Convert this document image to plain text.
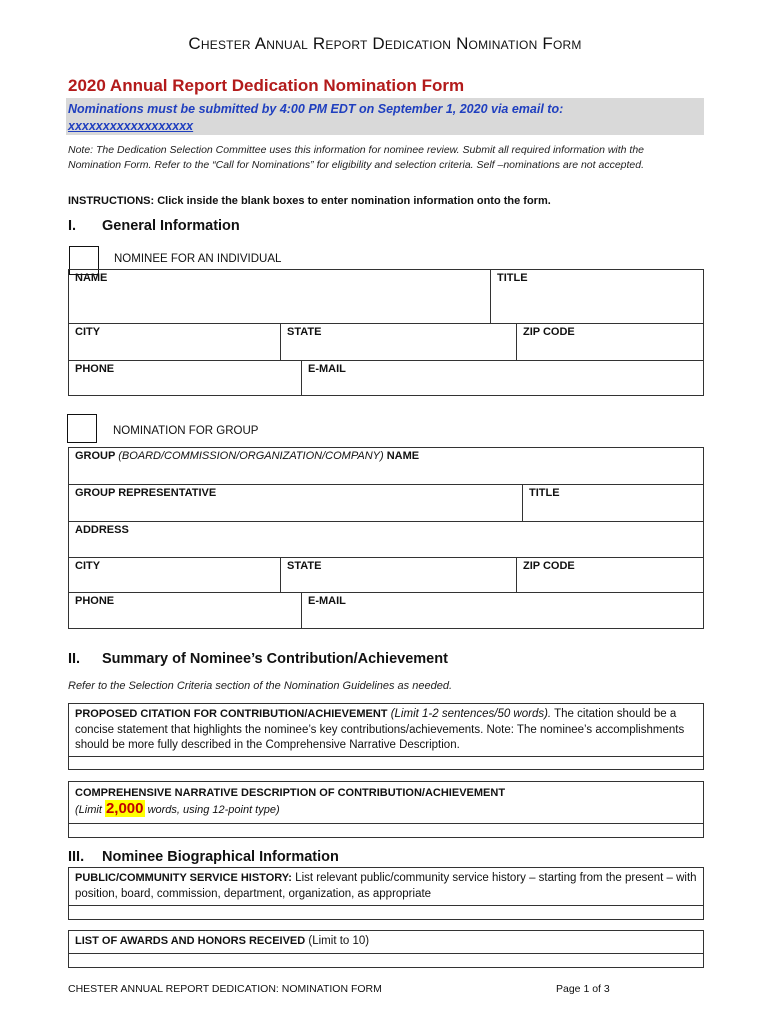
Chester Annual Report Dedication Nomination Form
2020 Annual Report Dedication Nomination Form
Nominations must be submitted by 4:00 PM EDT on September 1, 2020 via email to:
xxxxxxxxxxxxxxxxxx
Note: The Dedication Selection Committee uses this information for nominee review. Submit all required information with the Nomination Form. Refer to the “Call for Nominations” for eligibility and selection criteria. Self –nominations are not accepted.
INSTRUCTIONS: Click inside the blank boxes to enter nomination information onto the form.
I. General Information
NOMINEE FOR AN INDIVIDUAL
NAME	TITLE
CITY	STATE	ZIP CODE
PHONE	E-MAIL
NOMINATION FOR GROUP
GROUP (BOARD/COMMISSION/ORGANIZATION/COMPANY) NAME
GROUP REPRESENTATIVE	TITLE
ADDRESS
CITY	STATE	ZIP CODE
PHONE	E-MAIL
II. Summary of Nominee’s Contribution/Achievement
Refer to the Selection Criteria section of the Nomination Guidelines as needed.
PROPOSED CITATION FOR CONTRIBUTION/ACHIEVEMENT (Limit 1-2 sentences/50 words). The citation should be a concise statement that highlights the nominee’s key contributions/achievements. Note: The nominee’s accomplishments should be more fully described in the Comprehensive Narrative Description.
COMPREHENSIVE NARRATIVE DESCRIPTION OF CONTRIBUTION/ACHIEVEMENT
(Limit 2,000 words, using 12-point type)
III. Nominee Biographical Information
PUBLIC/COMMUNITY SERVICE HISTORY: List relevant public/community service history – starting from the present – with position, board, commission, department, organization, as appropriate
LIST OF AWARDS AND HONORS RECEIVED (Limit to 10)
CHESTER ANNUAL REPORT DEDICATION: NOMINATION FORM	Page 1 of 3
